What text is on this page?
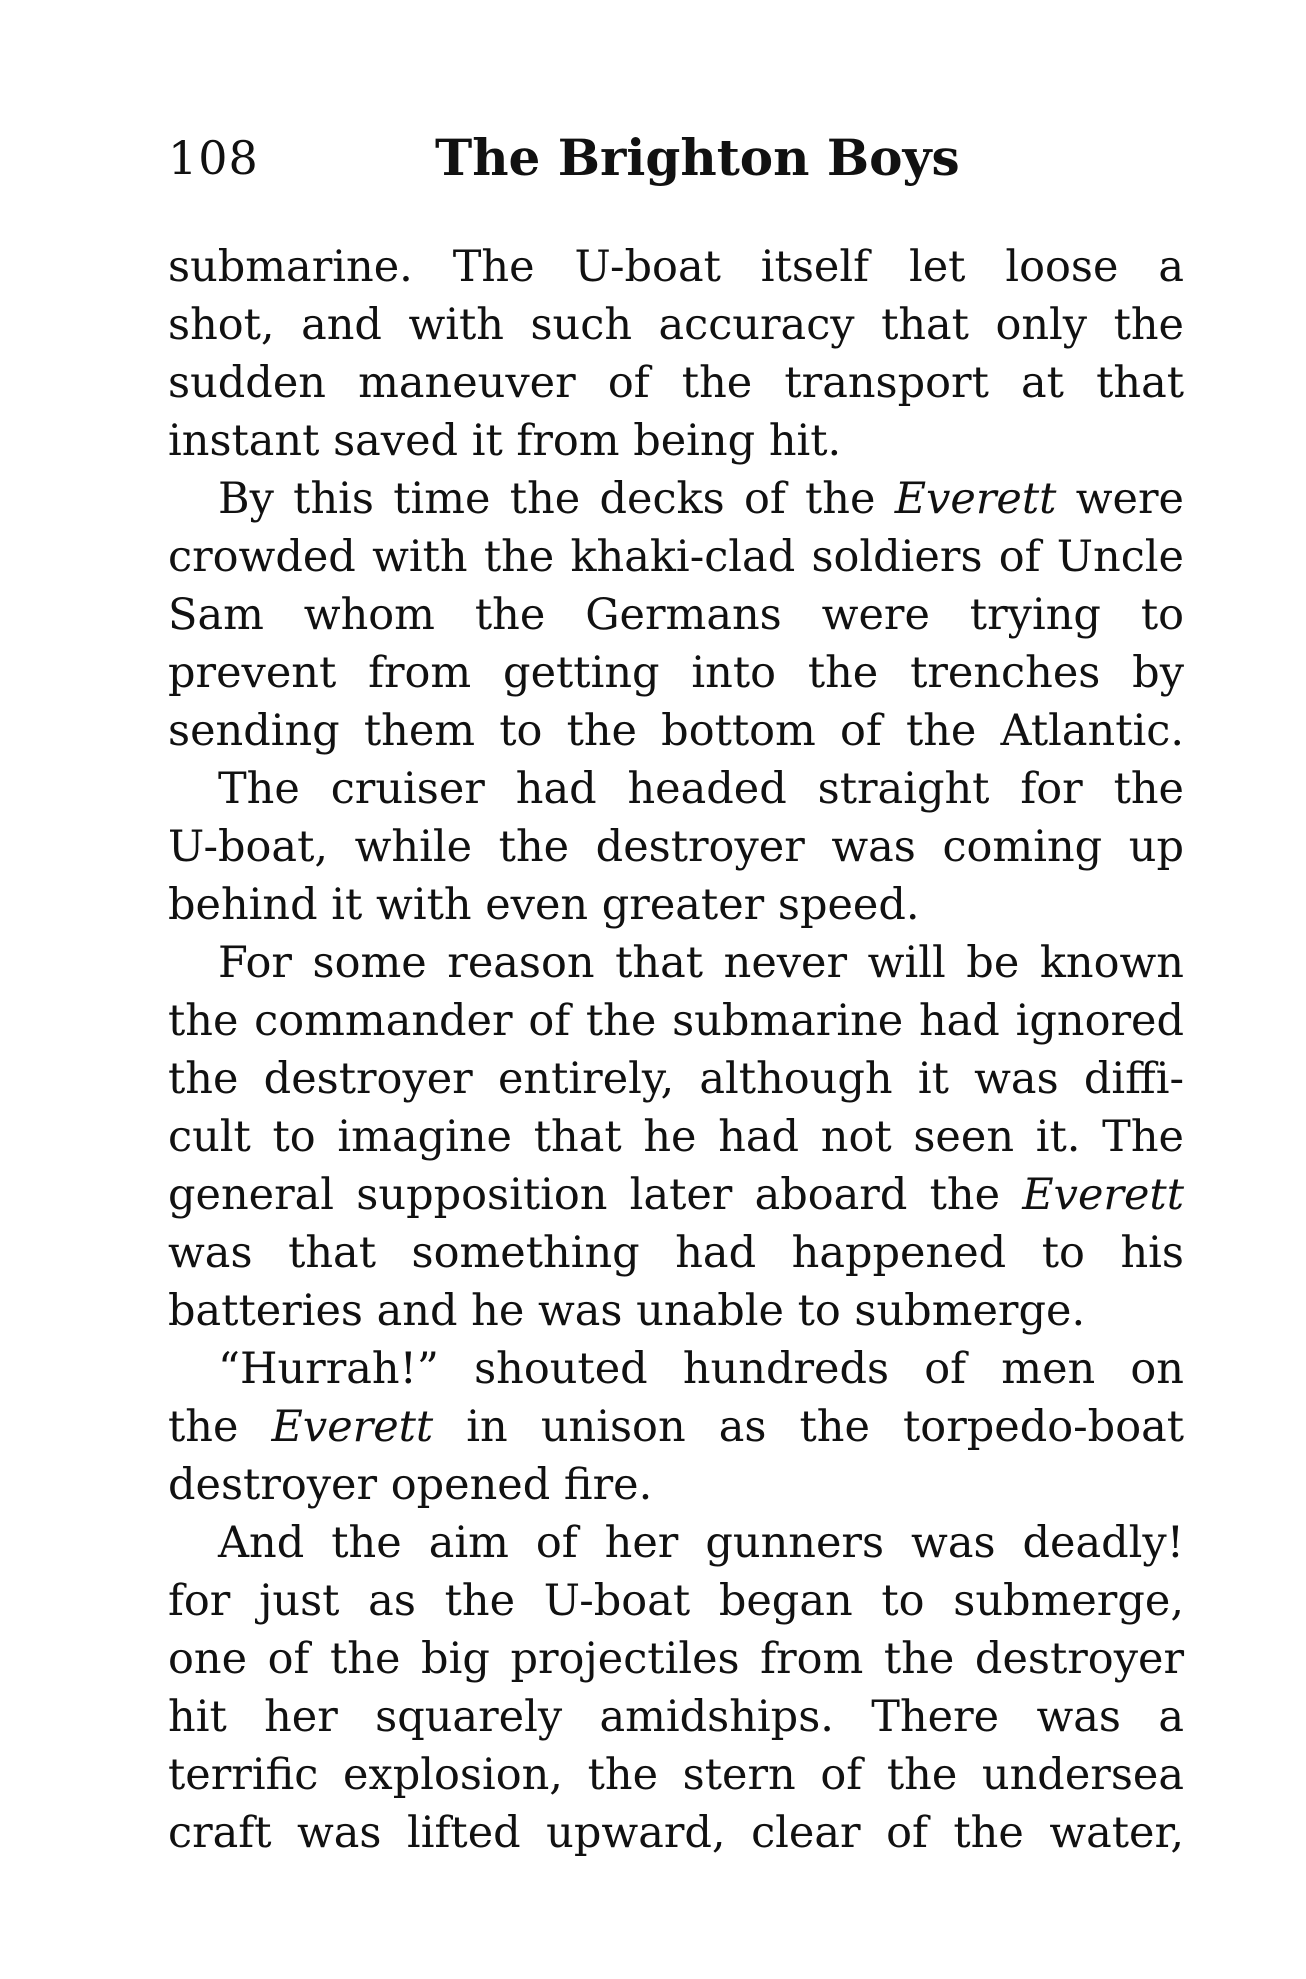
108	The Brighton Boys
submarine. The U-boat itself let loose a
shot, and with such accuracy that only the
sudden maneuver of the transport at that
instant saved it from being hit.
By this time the decks of the Everett were
crowded with the khaki-clad soldiers of Uncle
Sam whom the Germans were trying to
prevent from getting into the trenches by
sending them to the bottom of the Atlantic.
The cruiser had headed straight for the
U-boat, while the destroyer was coming up
behind it with even greater speed.
For some reason that never will be known
the commander of the submarine had ignored
the destroyer entirely, although it was diffi-
cult to imagine that he had not seen it. The
general supposition later aboard the Everett
was that something had happened to his
batteries and he was unable to submerge.
“Hurrah!” shouted hundreds of men on
the Everett in unison as the torpedo-boat
destroyer opened fire.
And the aim of her gunners was deadly!
for just as the U-boat began to submerge,
one of the big projectiles from the destroyer
hit her squarely amidships. There was a
terrific explosion, the stern of the undersea
craft was lifted upward, clear of the water,
